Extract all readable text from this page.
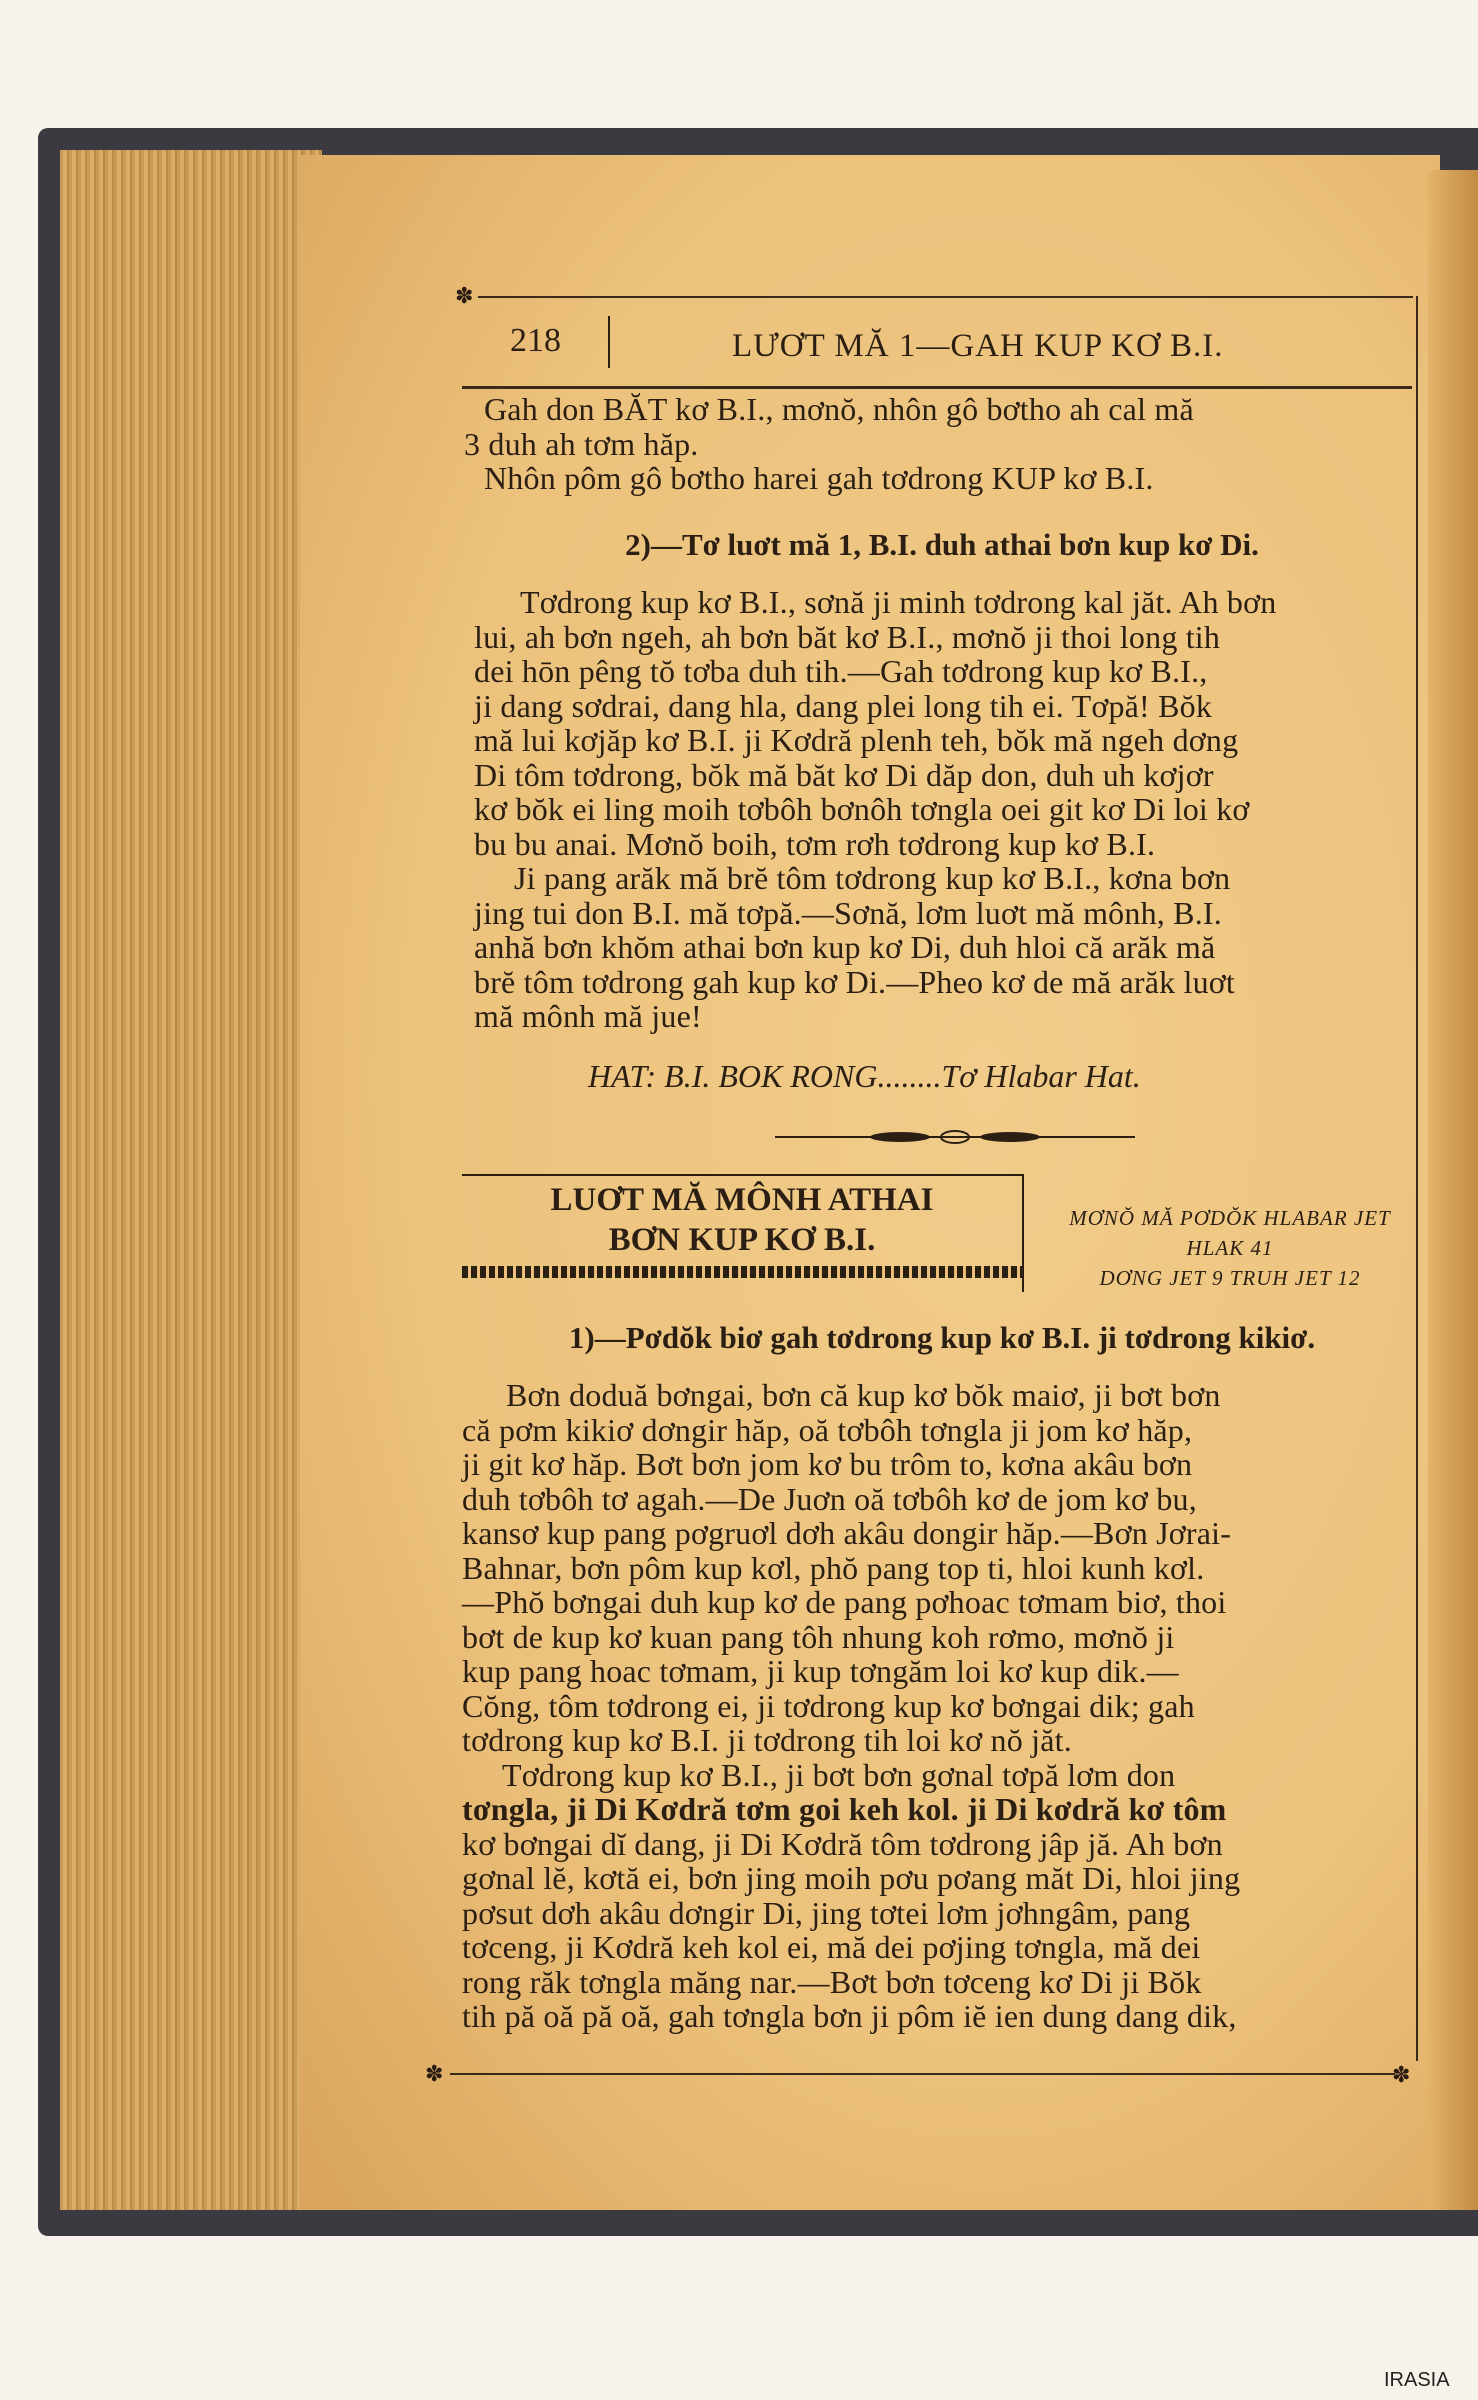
✽
218	LƯƠT MĂ 1—GAH KUP KƠ B.I.
Gah don BĂT kơ B.I., mơnŏ, nhôn gô bơtho ah cal mă
3 duh ah tơm hăp.
Nhôn pôm gô bơtho harei gah tơdrong KUP kơ B.I.
2)—Tơ luơt mă 1, B.I. duh athai bơn kup kơ Di.
Tơdrong kup kơ B.I., sơnă ji minh tơdrong kal jăt. Ah bơn
lui, ah bơn ngeh, ah bơn băt kơ B.I., mơnŏ ji thoi long tih
dei hōn pêng tŏ tơba duh tih.—Gah tơdrong kup kơ B.I.,
ji dang sơdrai, dang hla, dang plei long tih ei. Tơpă! Bŏk
mă lui kơjăp kơ B.I. ji Kơdră plenh teh, bŏk mă ngeh dơng
Di tôm tơdrong, bŏk mă băt kơ Di dăp don, duh uh kơjơr
kơ bŏk ei ling moih tơbôh bơnôh tơngla oei git kơ Di loi kơ
bu bu anai. Mơnŏ boih, tơm rơh tơdrong kup kơ B.I.
Ji pang arăk mă brĕ tôm tơdrong kup kơ B.I., kơna bơn
jing tui don B.I. mă tơpă.—Sơnă, lơm luơt mă mônh, B.I.
anhă bơn khŏm athai bơn kup kơ Di, duh hloi că arăk mă
brĕ tôm tơdrong gah kup kơ Di.—Pheo kơ de mă arăk luơt
mă mônh mă jue!
HAT: B.I. BOK RONG........Tơ Hlabar Hat.
LUƠT MĂ MÔNH ATHAI
BƠN KUP KƠ B.I.
MƠNŎ MĂ PƠDŎK HLABAR JET
HLAK 41
DƠNG JET 9 TRUH JET 12
1)—Pơdŏk biơ gah tơdrong kup kơ B.I. ji tơdrong kikiơ.
Bơn doduă bơngai, bơn că kup kơ bŏk maiơ, ji bơt bơn
că pơm kikiơ dơngir hăp, oă tơbôh tơngla ji jom kơ hăp,
ji git kơ hăp. Bơt bơn jom kơ bu trôm to, kơna akâu bơn
duh tơbôh tơ agah.—De Juơn oă tơbôh kơ de jom kơ bu,
kansơ kup pang pơgruơl dơh akâu dongir hăp.—Bơn Jơrai-
Bahnar, bơn pôm kup kơl, phŏ pang top ti, hloi kunh kơl.
—Phŏ bơngai duh kup kơ de pang pơhoac tơmam biơ, thoi
bơt de kup kơ kuan pang tôh nhung koh rơmo, mơnŏ ji
kup pang hoac tơmam, ji kup tơngăm loi kơ kup dik.—
Cŏng, tôm tơdrong ei, ji tơdrong kup kơ bơngai dik; gah
tơdrong kup kơ B.I. ji tơdrong tih loi kơ nŏ jăt.
Tơdrong kup kơ B.I., ji bơt bơn gơnal tơpă lơm don
tơngla, ji Di Kơdră tơm goi keh kol. ji Di kơdră kơ tôm
kơ bơngai dĭ dang, ji Di Kơdră tôm tơdrong jâp jă. Ah bơn
gơnal lĕ, kơtă ei, bơn jing moih pơu pơang măt Di, hloi jing
pơsut dơh akâu dơngir Di, jing tơtei lơm jơhngâm, pang
tơceng, ji Kơdră keh kol ei, mă dei pơjing tơngla, mă dei
rong răk tơngla măng nar.—Bơt bơn tơceng kơ Di ji Bŏk
tih pă oă pă oă, gah tơngla bơn ji pôm iĕ ien dung dang dik,
✽	✽
IRASIA
